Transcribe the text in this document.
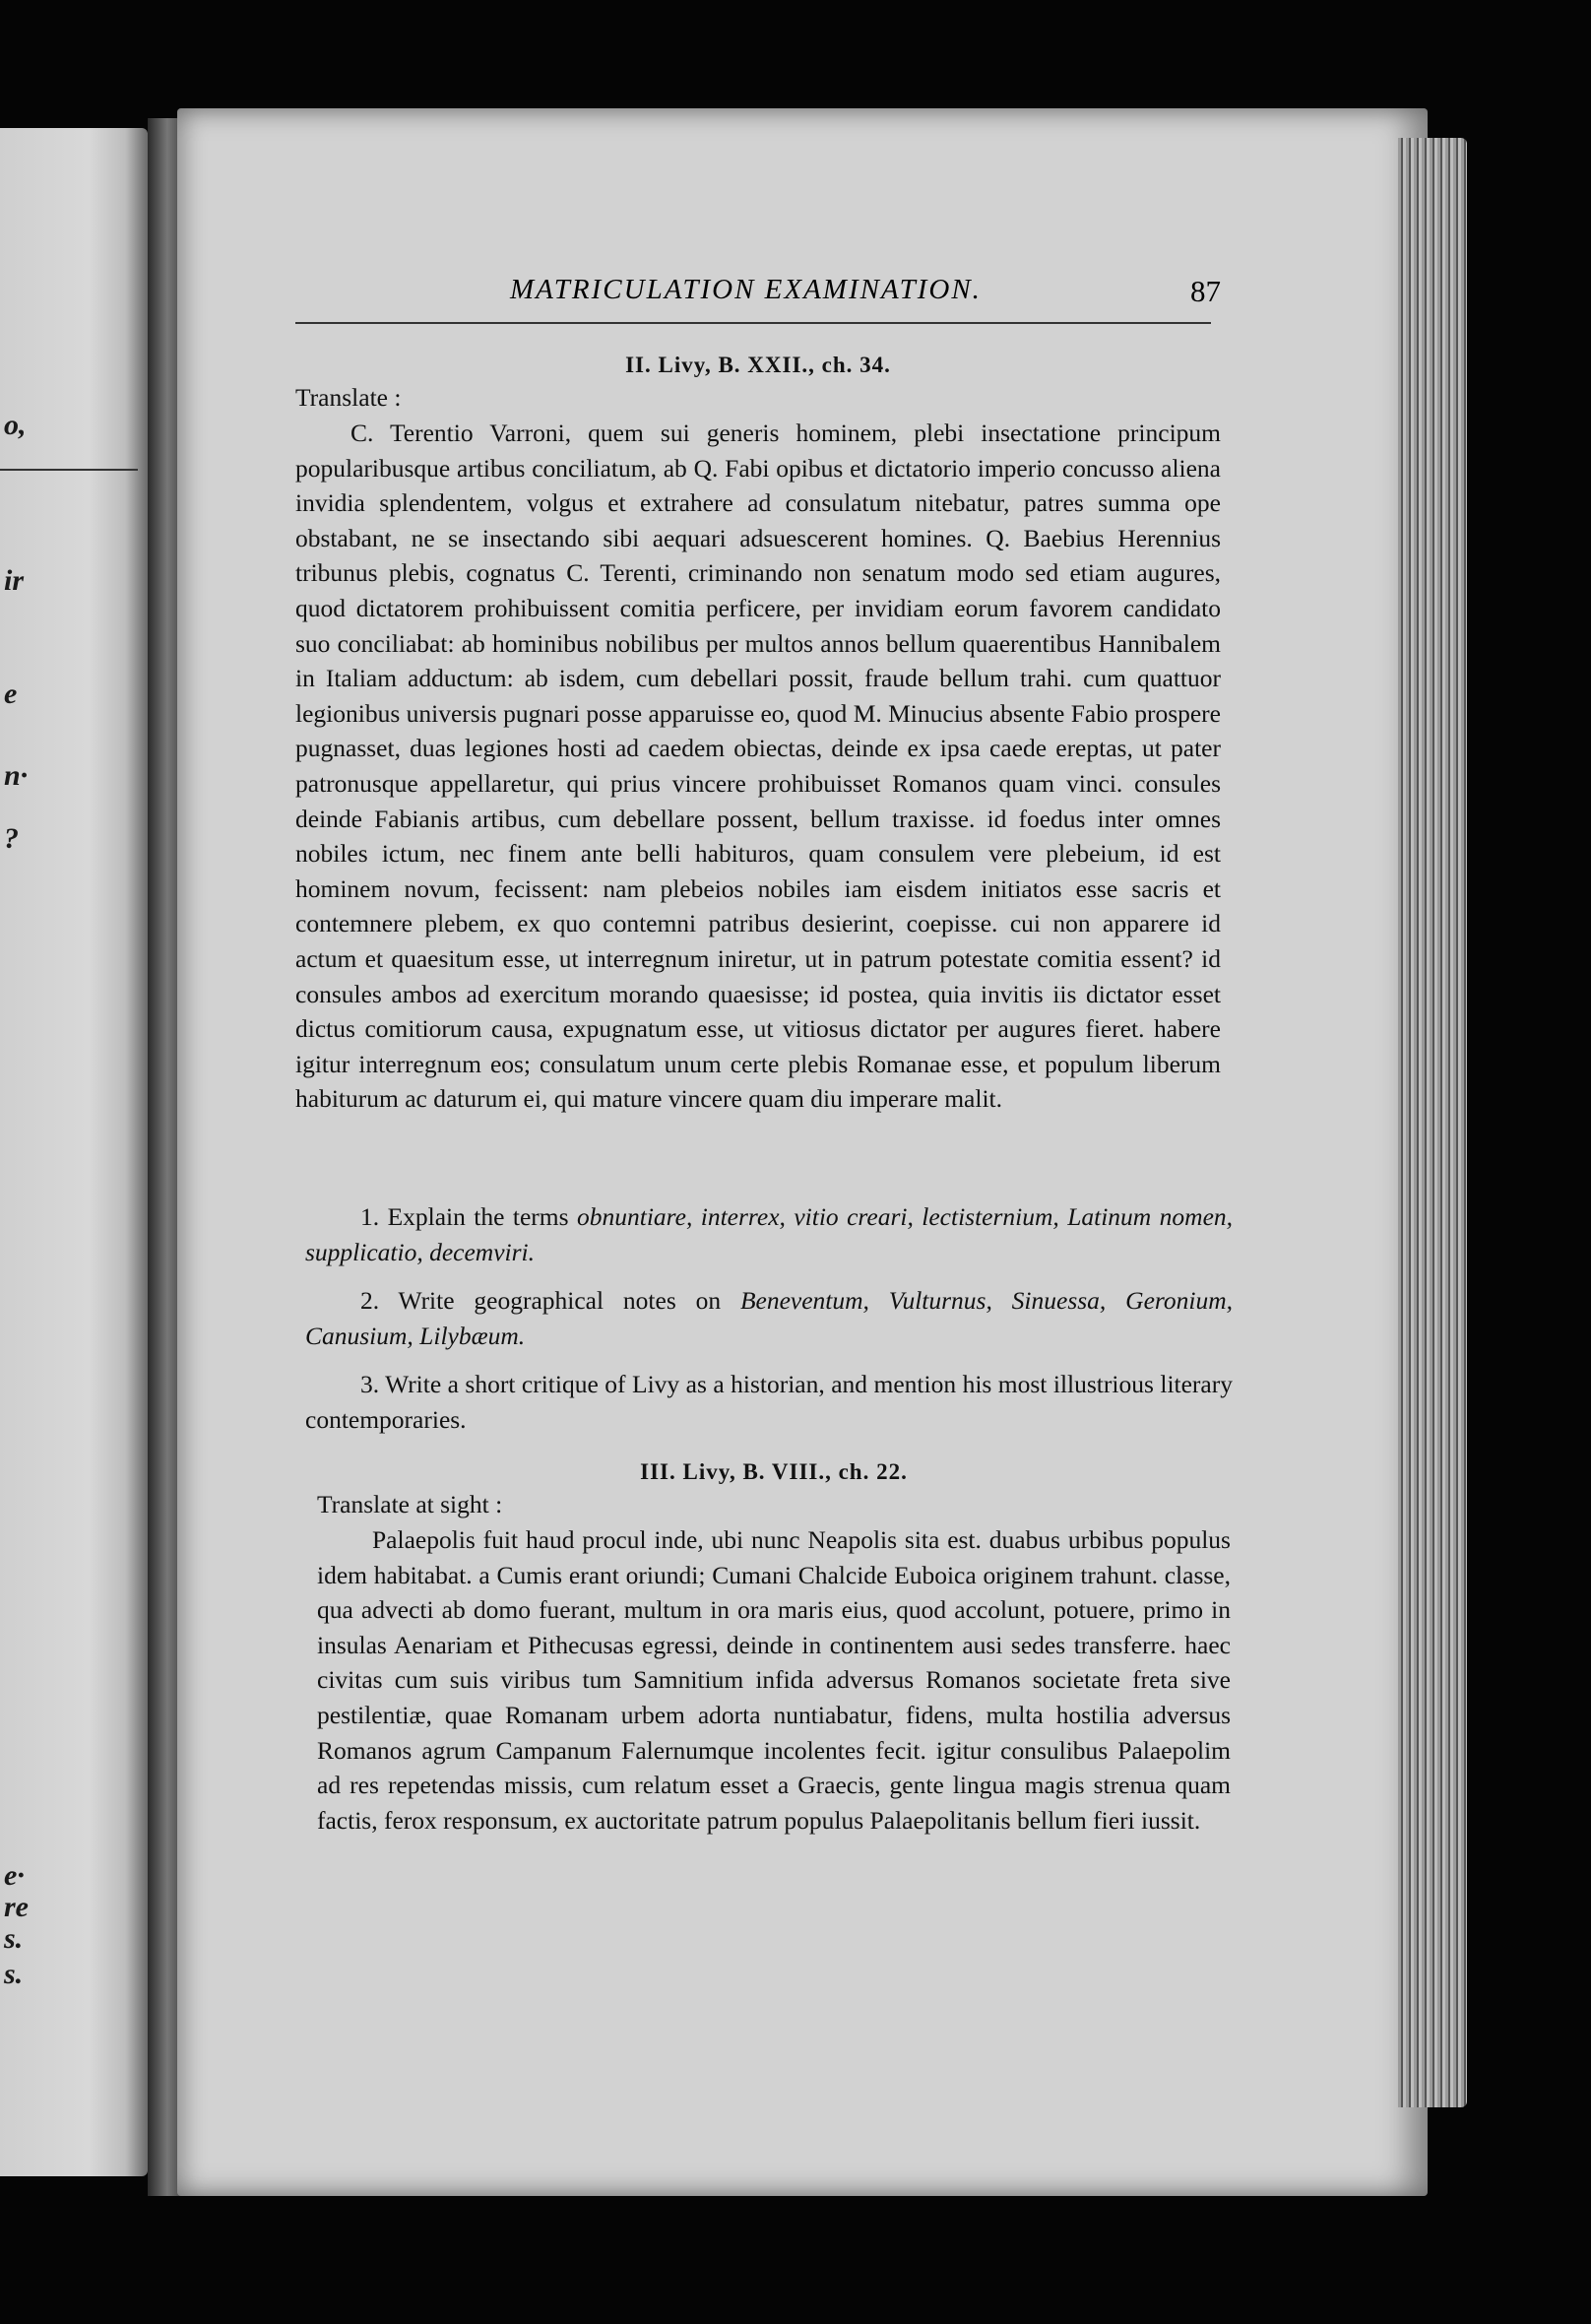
o,
ir
e
n·
?
e·
re
s.
s.
MATRICULATION EXAMINATION.	87
II. Livy, B. XXII., ch. 34.
Translate :

C. Terentio Varroni, quem sui generis hominem, plebi insectatione principum popularibusque artibus conciliatum, ab Q. Fabi opibus et dictatorio imperio concusso aliena invidia splendentem, volgus et extrahere ad consulatum nitebatur, patres summa ope obstabant, ne se insectando sibi aequari adsuescerent homines. Q. Baebius Herennius tribunus plebis, cognatus C. Terenti, criminando non senatum modo sed etiam augures, quod dictatorem prohibuissent comitia perficere, per invidiam eorum favorem candidato suo conciliabat: ab hominibus nobilibus per multos annos bellum quaerentibus Hannibalem in Italiam adductum: ab isdem, cum debellari possit, fraude bellum trahi. cum quattuor legionibus universis pugnari posse apparuisse eo, quod M. Minucius absente Fabio prospere pugnasset, duas legiones hosti ad caedem obiectas, deinde ex ipsa caede ereptas, ut pater patronusque appellaretur, qui prius vincere prohibuisset Romanos quam vinci. consules deinde Fabianis artibus, cum debellare possent, bellum traxisse. id foedus inter omnes nobiles ictum, nec finem ante belli habituros, quam consulem vere plebeium, id est hominem novum, fecissent: nam plebeios nobiles iam eisdem initiatos esse sacris et contemnere plebem, ex quo contemni patribus desierint, coepisse. cui non apparere id actum et quaesitum esse, ut interregnum iniretur, ut in patrum potestate comitia essent? id consules ambos ad exercitum morando quaesisse; id postea, quia invitis iis dictator esset dictus comitiorum causa, expugnatum esse, ut vitiosus dictator per augures fieret. habere igitur interregnum eos; consulatum unum certe plebis Romanae esse, et populum liberum habiturum ac daturum ei, qui mature vincere quam diu imperare malit.

1. Explain the terms obnuntiare, interrex, vitio creari, lectisternium, Latinum nomen, supplicatio, decemviri.

2. Write geographical notes on Beneventum, Vulturnus, Sinuessa, Geronium, Canusium, Lilybæum.

3. Write a short critique of Livy as a historian, and mention his most illustrious literary contemporaries.

III. Livy, B. VIII., ch. 22.
Translate at sight :

Palaepolis fuit haud procul inde, ubi nunc Neapolis sita est. duabus urbibus populus idem habitabat. a Cumis erant oriundi; Cumani Chalcide Euboica originem trahunt. classe, qua advecti ab domo fuerant, multum in ora maris eius, quod accolunt, potuere, primo in insulas Aenariam et Pithecusas egressi, deinde in continentem ausi sedes transferre. haec civitas cum suis viribus tum Samnitium infida adversus Romanos societate freta sive pestilentiæ, quae Romanam urbem adorta nuntiabatur, fidens, multa hostilia adversus Romanos agrum Campanum Falernumque incolentes fecit. igitur consulibus Palaepolim ad res repetendas missis, cum relatum esset a Graecis, gente lingua magis strenua quam factis, ferox responsum, ex auctoritate patrum populus Palaepolitanis bellum fieri iussit.
